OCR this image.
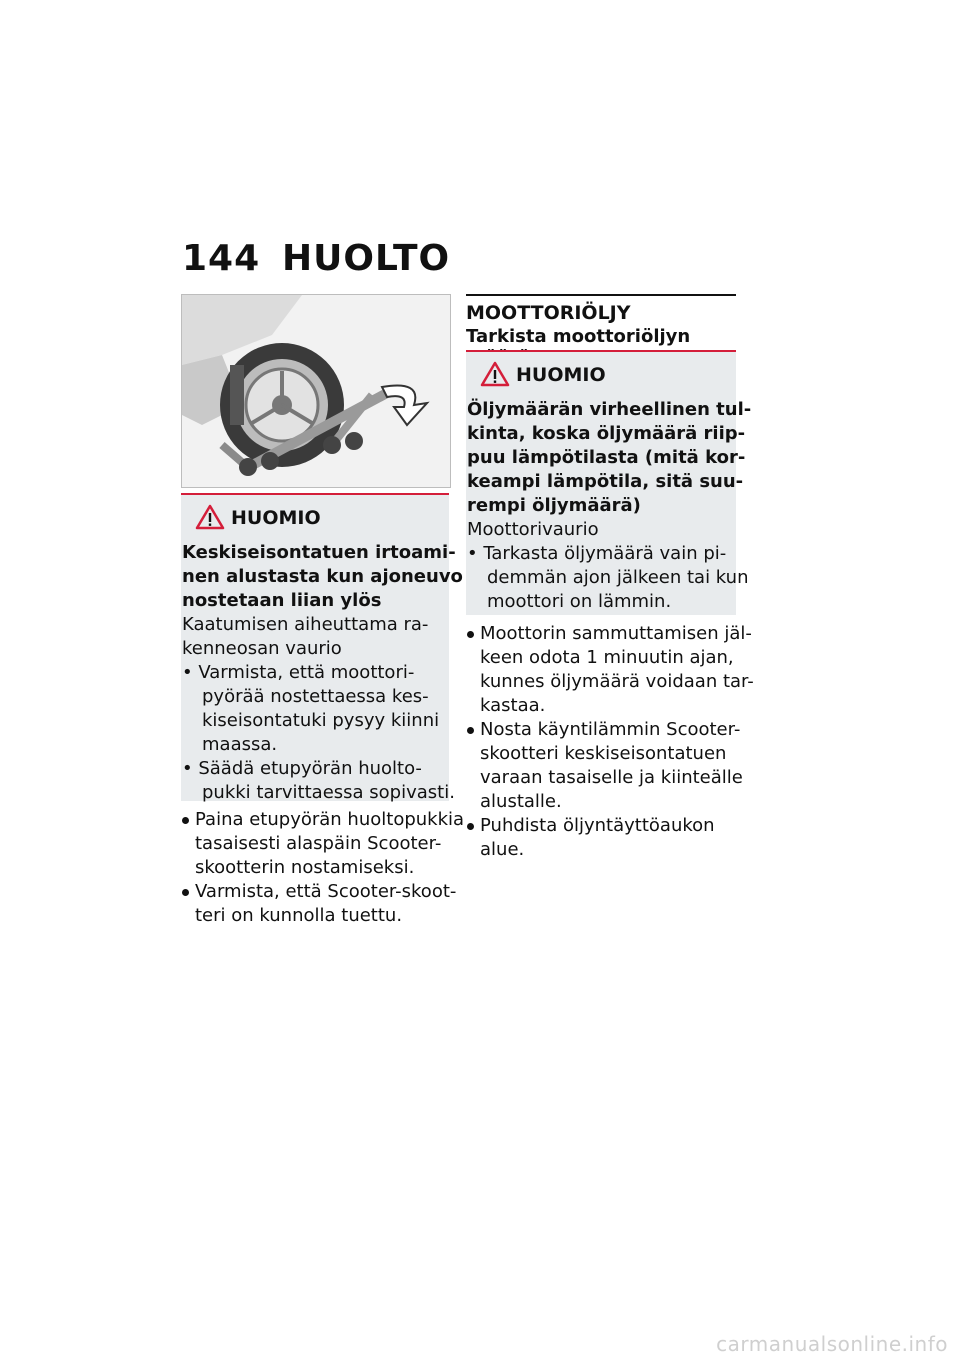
144 HUOLTO
HUOMIO
Keskiseisontatuen irtoami-
nen alustasta kun ajoneuvo
nostetaan liian ylös
Kaatumisen aiheuttama ra-
kenneosan vaurio
• Varmista, että moottori-
pyörää nostettaessa kes-
kiseisontatuki pysyy kiinni
maassa.
• Säädä etupyörän huolto-
pukki tarvittaessa sopivasti.
Paina etupyörän huoltopukkia
tasaisesti alaspäin Scooter-
skootterin nostamiseksi.
Varmista, että Scooter-skoot-
teri on kunnolla tuettu.
MOOTTORIÖLJY
Tarkista moottoriöljyn
HUOMIO
Öljymäärän virheellinen tul-
kinta, koska öljymäärä riip-
puu lämpötilasta (mitä kor-
keampi lämpötila, sitä suu-
rempi öljymäärä)
Moottorivaurio
• Tarkasta öljymäärä vain pi-
demmän ajon jälkeen tai kun
moottori on lämmin.
Moottorin sammuttamisen jäl-
keen odota 1 minuutin ajan,
kunnes öljymäärä voidaan tar-
kastaa.
Nosta käyntilämmin Scooter-
skootteri keskiseisontatuen
varaan tasaiselle ja kiinteälle
alustalle.
Puhdista öljyntäyttöaukon
alue.
carmanualsonline.info
